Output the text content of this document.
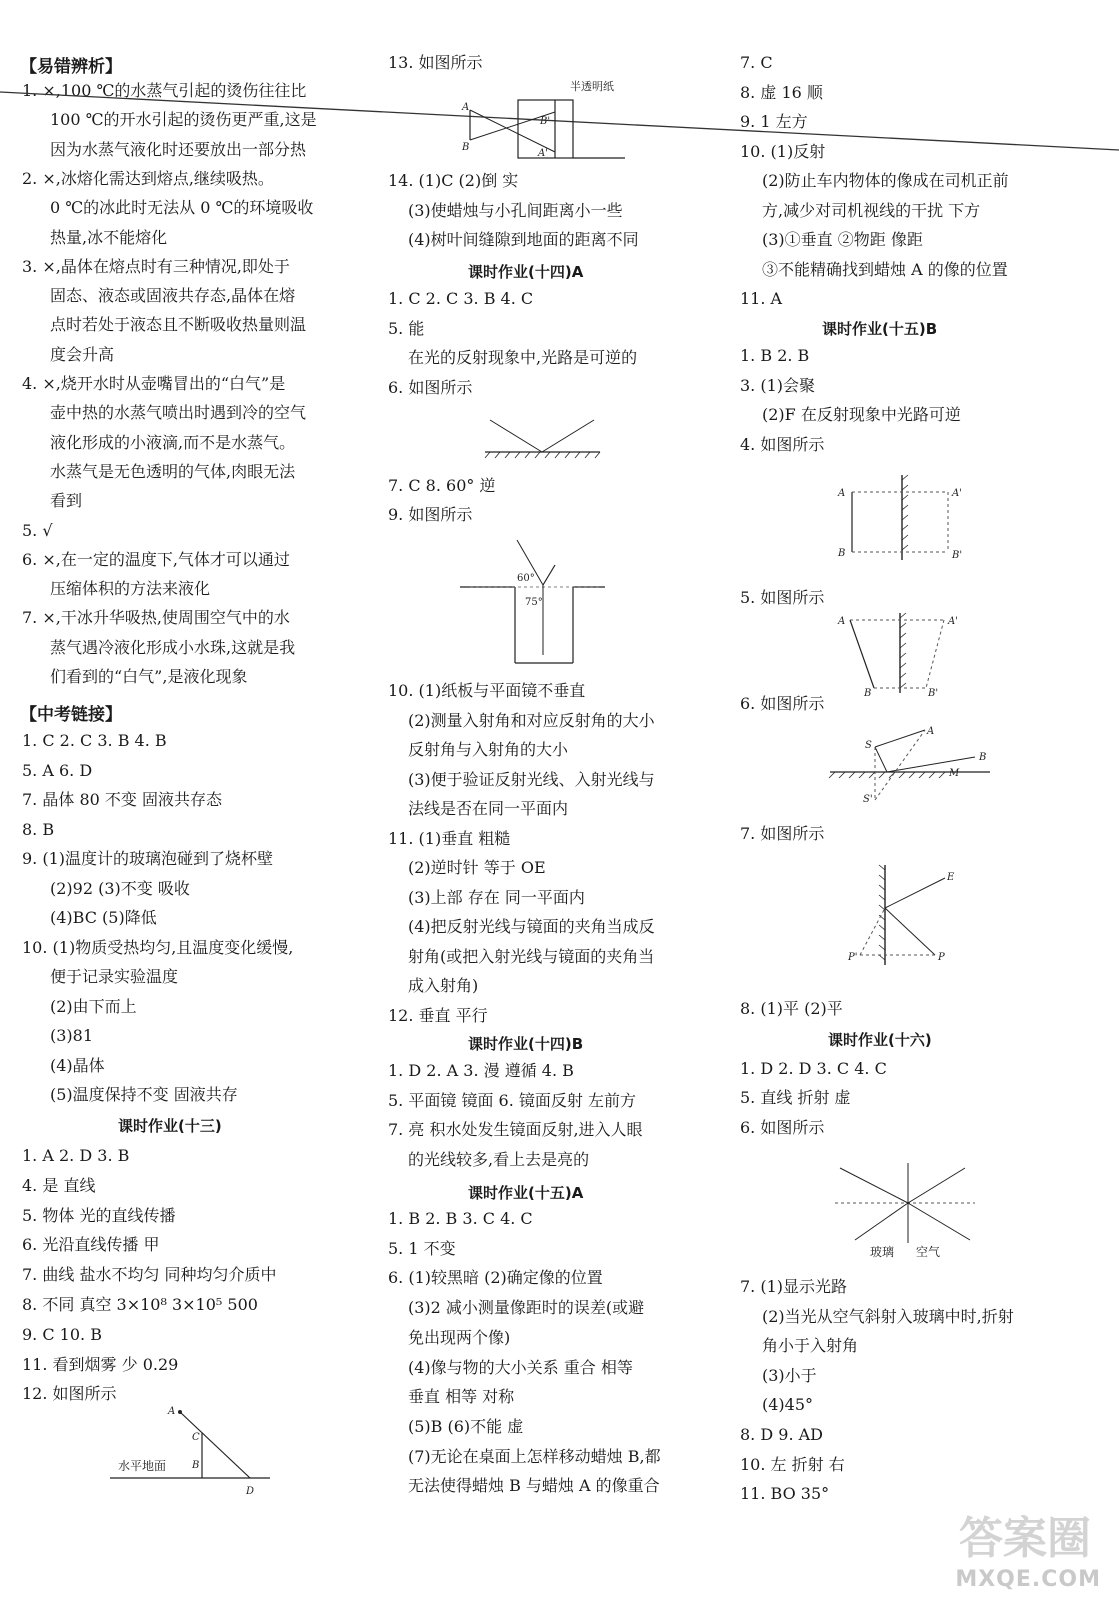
【易错辨析】
1. ×,100 ℃的水蒸气引起的烫伤往往比
100 ℃的开水引起的烫伤更严重,这是
因为水蒸气液化时还要放出一部分热
2. ×,冰熔化需达到熔点,继续吸热。
0 ℃的冰此时无法从 0 ℃的环境吸收
热量,冰不能熔化
3. ×,晶体在熔点时有三种情况,即处于
固态、液态或固液共存态,晶体在熔
点时若处于液态且不断吸收热量则温
度会升高
4. ×,烧开水时从壶嘴冒出的“白气”是
壶中热的水蒸气喷出时遇到冷的空气
液化形成的小液滴,而不是水蒸气。
水蒸气是无色透明的气体,肉眼无法
看到
5. √
6. ×,在一定的温度下,气体才可以通过
压缩体积的方法来液化
7. ×,干冰升华吸热,使周围空气中的水
蒸气遇冷液化形成小水珠,这就是我
们看到的“白气”,是液化现象
【中考链接】
1. C 2. C 3. B 4. B
5. A 6. D
7. 晶体 80 不变 固液共存态
8. B
9. (1)温度计的玻璃泡碰到了烧杯壁
(2)92 (3)不变 吸收
(4)BC (5)降低
10. (1)物质受热均匀,且温度变化缓慢,
便于记录实验温度
(2)由下而上
(3)81
(4)晶体
(5)温度保持不变 固液共存
课时作业(十三)
1. A 2. D 3. B
4. 是 直线
5. 物体 光的直线传播
6. 光沿直线传播 甲
7. 曲线 盐水不均匀 同种均匀介质中
8. 不同 真空 3×10⁸ 3×10⁵ 500
9. C 10. B
11. 看到烟雾 少 0.29
12. 如图所示
A
C
B
D
水平地面
13. 如图所示
半透明纸
A
B
B'
A'
14. (1)C (2)倒 实
(3)使蜡烛与小孔间距离小一些
(4)树叶间缝隙到地面的距离不同
课时作业(十四)A
1. C 2. C 3. B 4. C
5. 能
在光的反射现象中,光路是可逆的
6. 如图所示
7. C 8. 60° 逆
9. 如图所示
60°
75°
10. (1)纸板与平面镜不垂直
(2)测量入射角和对应反射角的大小
反射角与入射角的大小
(3)便于验证反射光线、入射光线与
法线是否在同一平面内
11. (1)垂直 粗糙
(2)逆时针 等于 OE
(3)上部 存在 同一平面内
(4)把反射光线与镜面的夹角当成反
射角(或把入射光线与镜面的夹角当
成入射角)
12. 垂直 平行
课时作业(十四)B
1. D 2. A 3. 漫 遵循 4. B
5. 平面镜 镜面 6. 镜面反射 左前方
7. 亮 积水处发生镜面反射,进入人眼
的光线较多,看上去是亮的
课时作业(十五)A
1. B 2. B 3. C 4. C
5. 1 不变
6. (1)较黑暗 (2)确定像的位置
(3)2 减小测量像距时的误差(或避
免出现两个像)
(4)像与物的大小关系 重合 相等
垂直 相等 对称
(5)B (6)不能 虚
(7)无论在桌面上怎样移动蜡烛 B,都
无法使得蜡烛 B 与蜡烛 A 的像重合
7. C
8. 虚 16 顺
9. 1 左方
10. (1)反射
(2)防止车内物体的像成在司机正前
方,减少对司机视线的干扰 下方
(3)①垂直 ②物距 像距
③不能精确找到蜡烛 A 的像的位置
11. A
课时作业(十五)B
1. B 2. B
3. (1)会聚
(2)F 在反射现象中光路可逆
4. 如图所示
A
B
A'
B'
5. 如图所示
A
B
A'
B'
6. 如图所示
S
A
B
M
S'
7. 如图所示
E
P
P'
8. (1)平 (2)平
课时作业(十六)
1. D 2. D 3. C 4. C
5. 直线 折射 虚
6. 如图所示
玻璃 空气
7. (1)显示光路
(2)当光从空气斜射入玻璃中时,折射
角小于入射角
(3)小于
(4)45°
8. D 9. AD
10. 左 折射 右
11. BO 35°
答案圈
MXQE.COM
